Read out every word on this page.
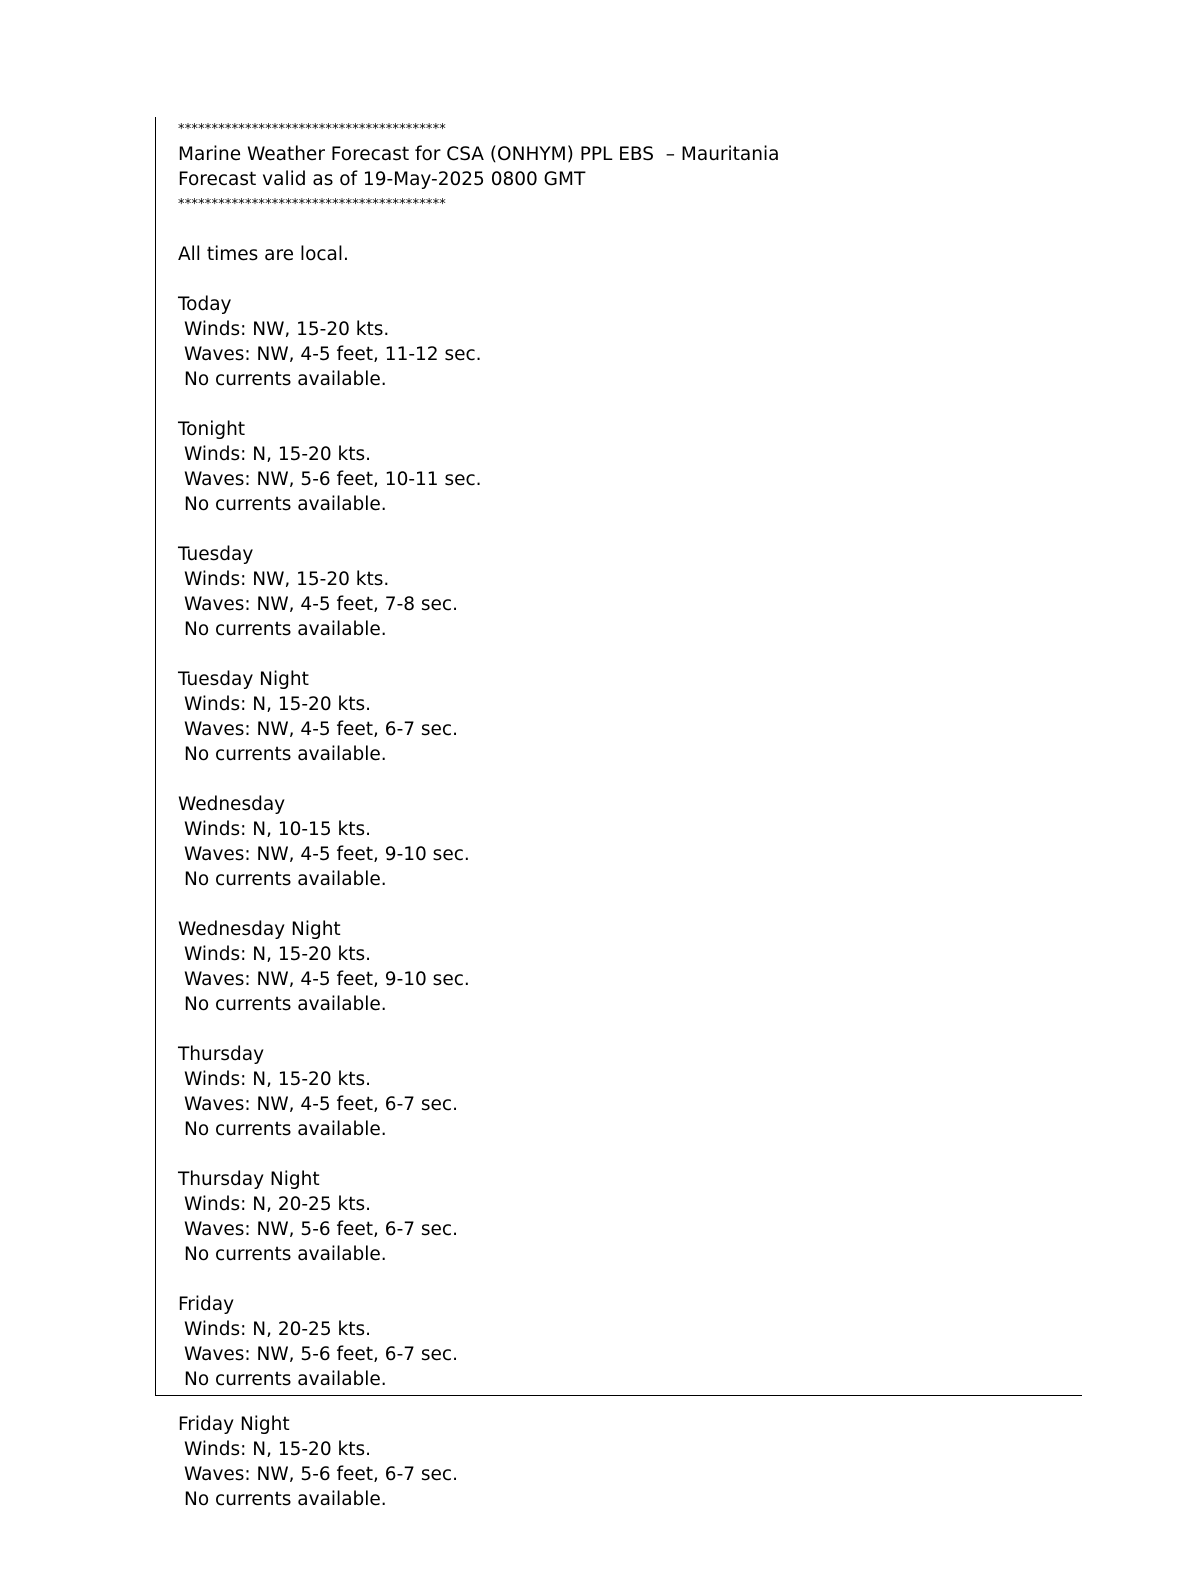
****************************************
Marine Weather Forecast for CSA (ONHYM) PPL EBS  – Mauritania
Forecast valid as of 19-May-2025 0800 GMT
****************************************
All times are local.
Today
Winds: NW, 15-20 kts.
Waves: NW, 4-5 feet, 11-12 sec.
No currents available.
Tonight
Winds: N, 15-20 kts.
Waves: NW, 5-6 feet, 10-11 sec.
No currents available.
Tuesday
Winds: NW, 15-20 kts.
Waves: NW, 4-5 feet, 7-8 sec.
No currents available.
Tuesday Night
Winds: N, 15-20 kts.
Waves: NW, 4-5 feet, 6-7 sec.
No currents available.
Wednesday
Winds: N, 10-15 kts.
Waves: NW, 4-5 feet, 9-10 sec.
No currents available.
Wednesday Night
Winds: N, 15-20 kts.
Waves: NW, 4-5 feet, 9-10 sec.
No currents available.
Thursday
Winds: N, 15-20 kts.
Waves: NW, 4-5 feet, 6-7 sec.
No currents available.
Thursday Night
Winds: N, 20-25 kts.
Waves: NW, 5-6 feet, 6-7 sec.
No currents available.
Friday
Winds: N, 20-25 kts.
Waves: NW, 5-6 feet, 6-7 sec.
No currents available.
Friday Night
Winds: N, 15-20 kts.
Waves: NW, 5-6 feet, 6-7 sec.
No currents available.
